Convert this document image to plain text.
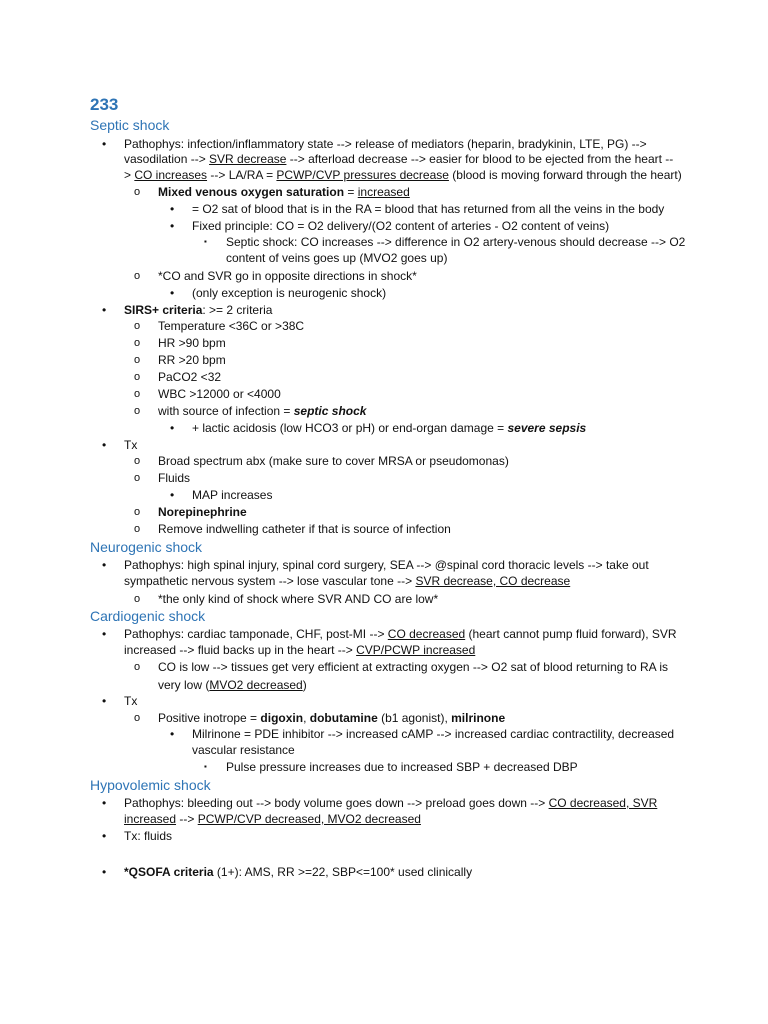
233
Septic shock
• Pathophys: infection/inflammatory state --> release of mediators (heparin, bradykinin, LTE, PG) -->
vasodilation --> SVR decrease --> afterload decrease --> easier for blood to be ejected from the heart --
> CO increases --> LA/RA = PCWP/CVP pressures decrease (blood is moving forward through the heart)
o Mixed venous oxygen saturation = increased
• = O2 sat of blood that is in the RA = blood that has returned from all the veins in the body
• Fixed principle: CO = O2 delivery/(O2 content of arteries - O2 content of veins)
▪ Septic shock: CO increases --> difference in O2 artery-venous should decrease --> O2
content of veins goes up (MVO2 goes up)
o *CO and SVR go in opposite directions in shock*
• (only exception is neurogenic shock)
• SIRS+ criteria: >= 2 criteria
o Temperature <36C or >38C
o HR >90 bpm
o RR >20 bpm
o PaCO2 <32
o WBC >12000 or <4000
o with source of infection = septic shock
• + lactic acidosis (low HCO3 or pH) or end-organ damage = severe sepsis
• Tx
o Broad spectrum abx (make sure to cover MRSA or pseudomonas)
o Fluids
• MAP increases
o Norepinephrine
o Remove indwelling catheter if that is source of infection
Neurogenic shock
• Pathophys: high spinal injury, spinal cord surgery, SEA --> @spinal cord thoracic levels --> take out
sympathetic nervous system --> lose vascular tone --> SVR decrease, CO decrease
o *the only kind of shock where SVR AND CO are low*
Cardiogenic shock
• Pathophys: cardiac tamponade, CHF, post-MI --> CO decreased (heart cannot pump fluid forward), SVR
increased --> fluid backs up in the heart --> CVP/PCWP increased
o CO is low --> tissues get very efficient at extracting oxygen --> O2 sat of blood returning to RA is
very low (MVO2 decreased)
• Tx
o Positive inotrope = digoxin, dobutamine (b1 agonist), milrinone
• Milrinone = PDE inhibitor --> increased cAMP --> increased cardiac contractility, decreased
vascular resistance
▪ Pulse pressure increases due to increased SBP + decreased DBP
Hypovolemic shock
• Pathophys: bleeding out --> body volume goes down --> preload goes down --> CO decreased, SVR
increased --> PCWP/CVP decreased, MVO2 decreased
• Tx: fluids
• *QSOFA criteria (1+): AMS, RR >=22, SBP<=100* used clinically
